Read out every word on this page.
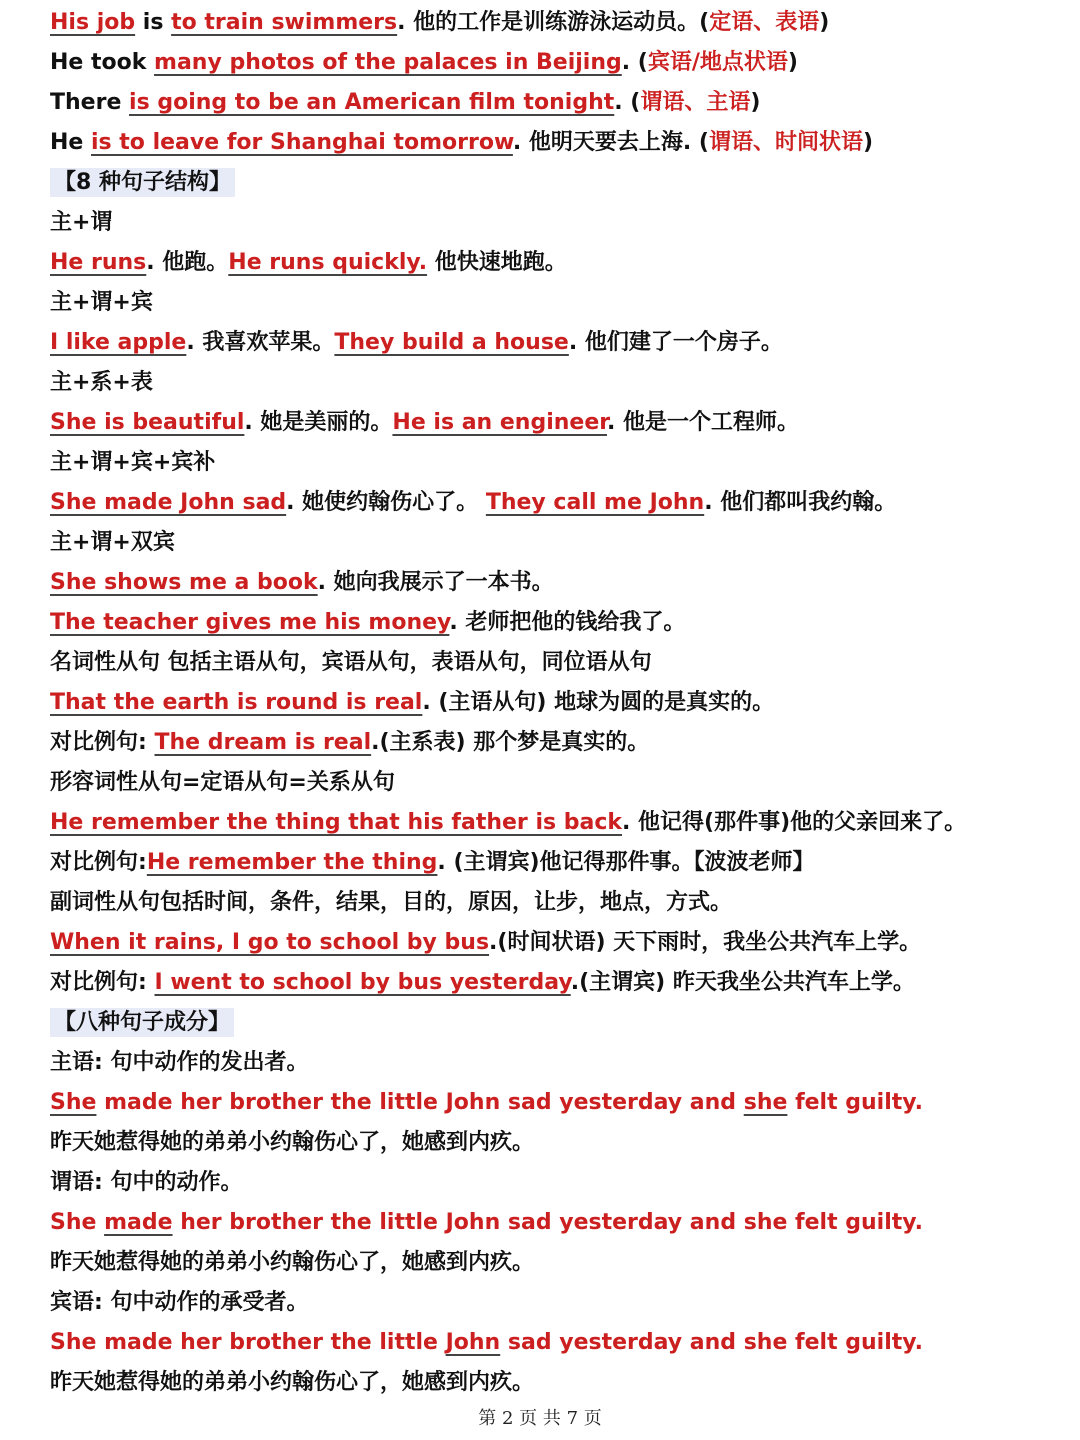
His job is to train swimmers. 他的工作是训练游泳运动员。(定语、表语)
He took many photos of the palaces in Beijing. (宾语/地点状语)
There is going to be an American film tonight. (谓语、主语)
He is to leave for Shanghai tomorrow. 他明天要去上海. (谓语、时间状语)
【8 种句子结构】
主+谓
He runs. 他跑。He runs quickly. 他快速地跑。
主+谓+宾
I like apple. 我喜欢苹果。They build a house. 他们建了一个房子。
主+系+表
She is beautiful. 她是美丽的。He is an engineer. 他是一个工程师。
主+谓+宾+宾补
She made John sad. 她使约翰伤心了。 They call me John. 他们都叫我约翰。
主+谓+双宾
She shows me a book. 她向我展示了一本书。
The teacher gives me his money. 老师把他的钱给我了。
名词性从句 包括主语从句，宾语从句，表语从句，同位语从句
That the earth is round is real. (主语从句) 地球为圆的是真实的。
对比例句: The dream is real.(主系表) 那个梦是真实的。
形容词性从句=定语从句=关系从句
He remember the thing that his father is back. 他记得(那件事)他的父亲回来了。
对比例句:He remember the thing. (主谓宾)他记得那件事。【波波老师】
副词性从句包括时间，条件，结果，目的，原因，让步，地点，方式。
When it rains, I go to school by bus.(时间状语) 天下雨时，我坐公共汽车上学。
对比例句: I went to school by bus yesterday.(主谓宾) 昨天我坐公共汽车上学。
【八种句子成分】
主语: 句中动作的发出者。
She made her brother the little John sad yesterday and she felt guilty.
昨天她惹得她的弟弟小约翰伤心了，她感到内疚。
谓语: 句中的动作。
She made her brother the little John sad yesterday and she felt guilty.
昨天她惹得她的弟弟小约翰伤心了，她感到内疚。
宾语: 句中动作的承受者。
She made her brother the little John sad yesterday and she felt guilty.
昨天她惹得她的弟弟小约翰伤心了，她感到内疚。
第 2 页 共 7 页
